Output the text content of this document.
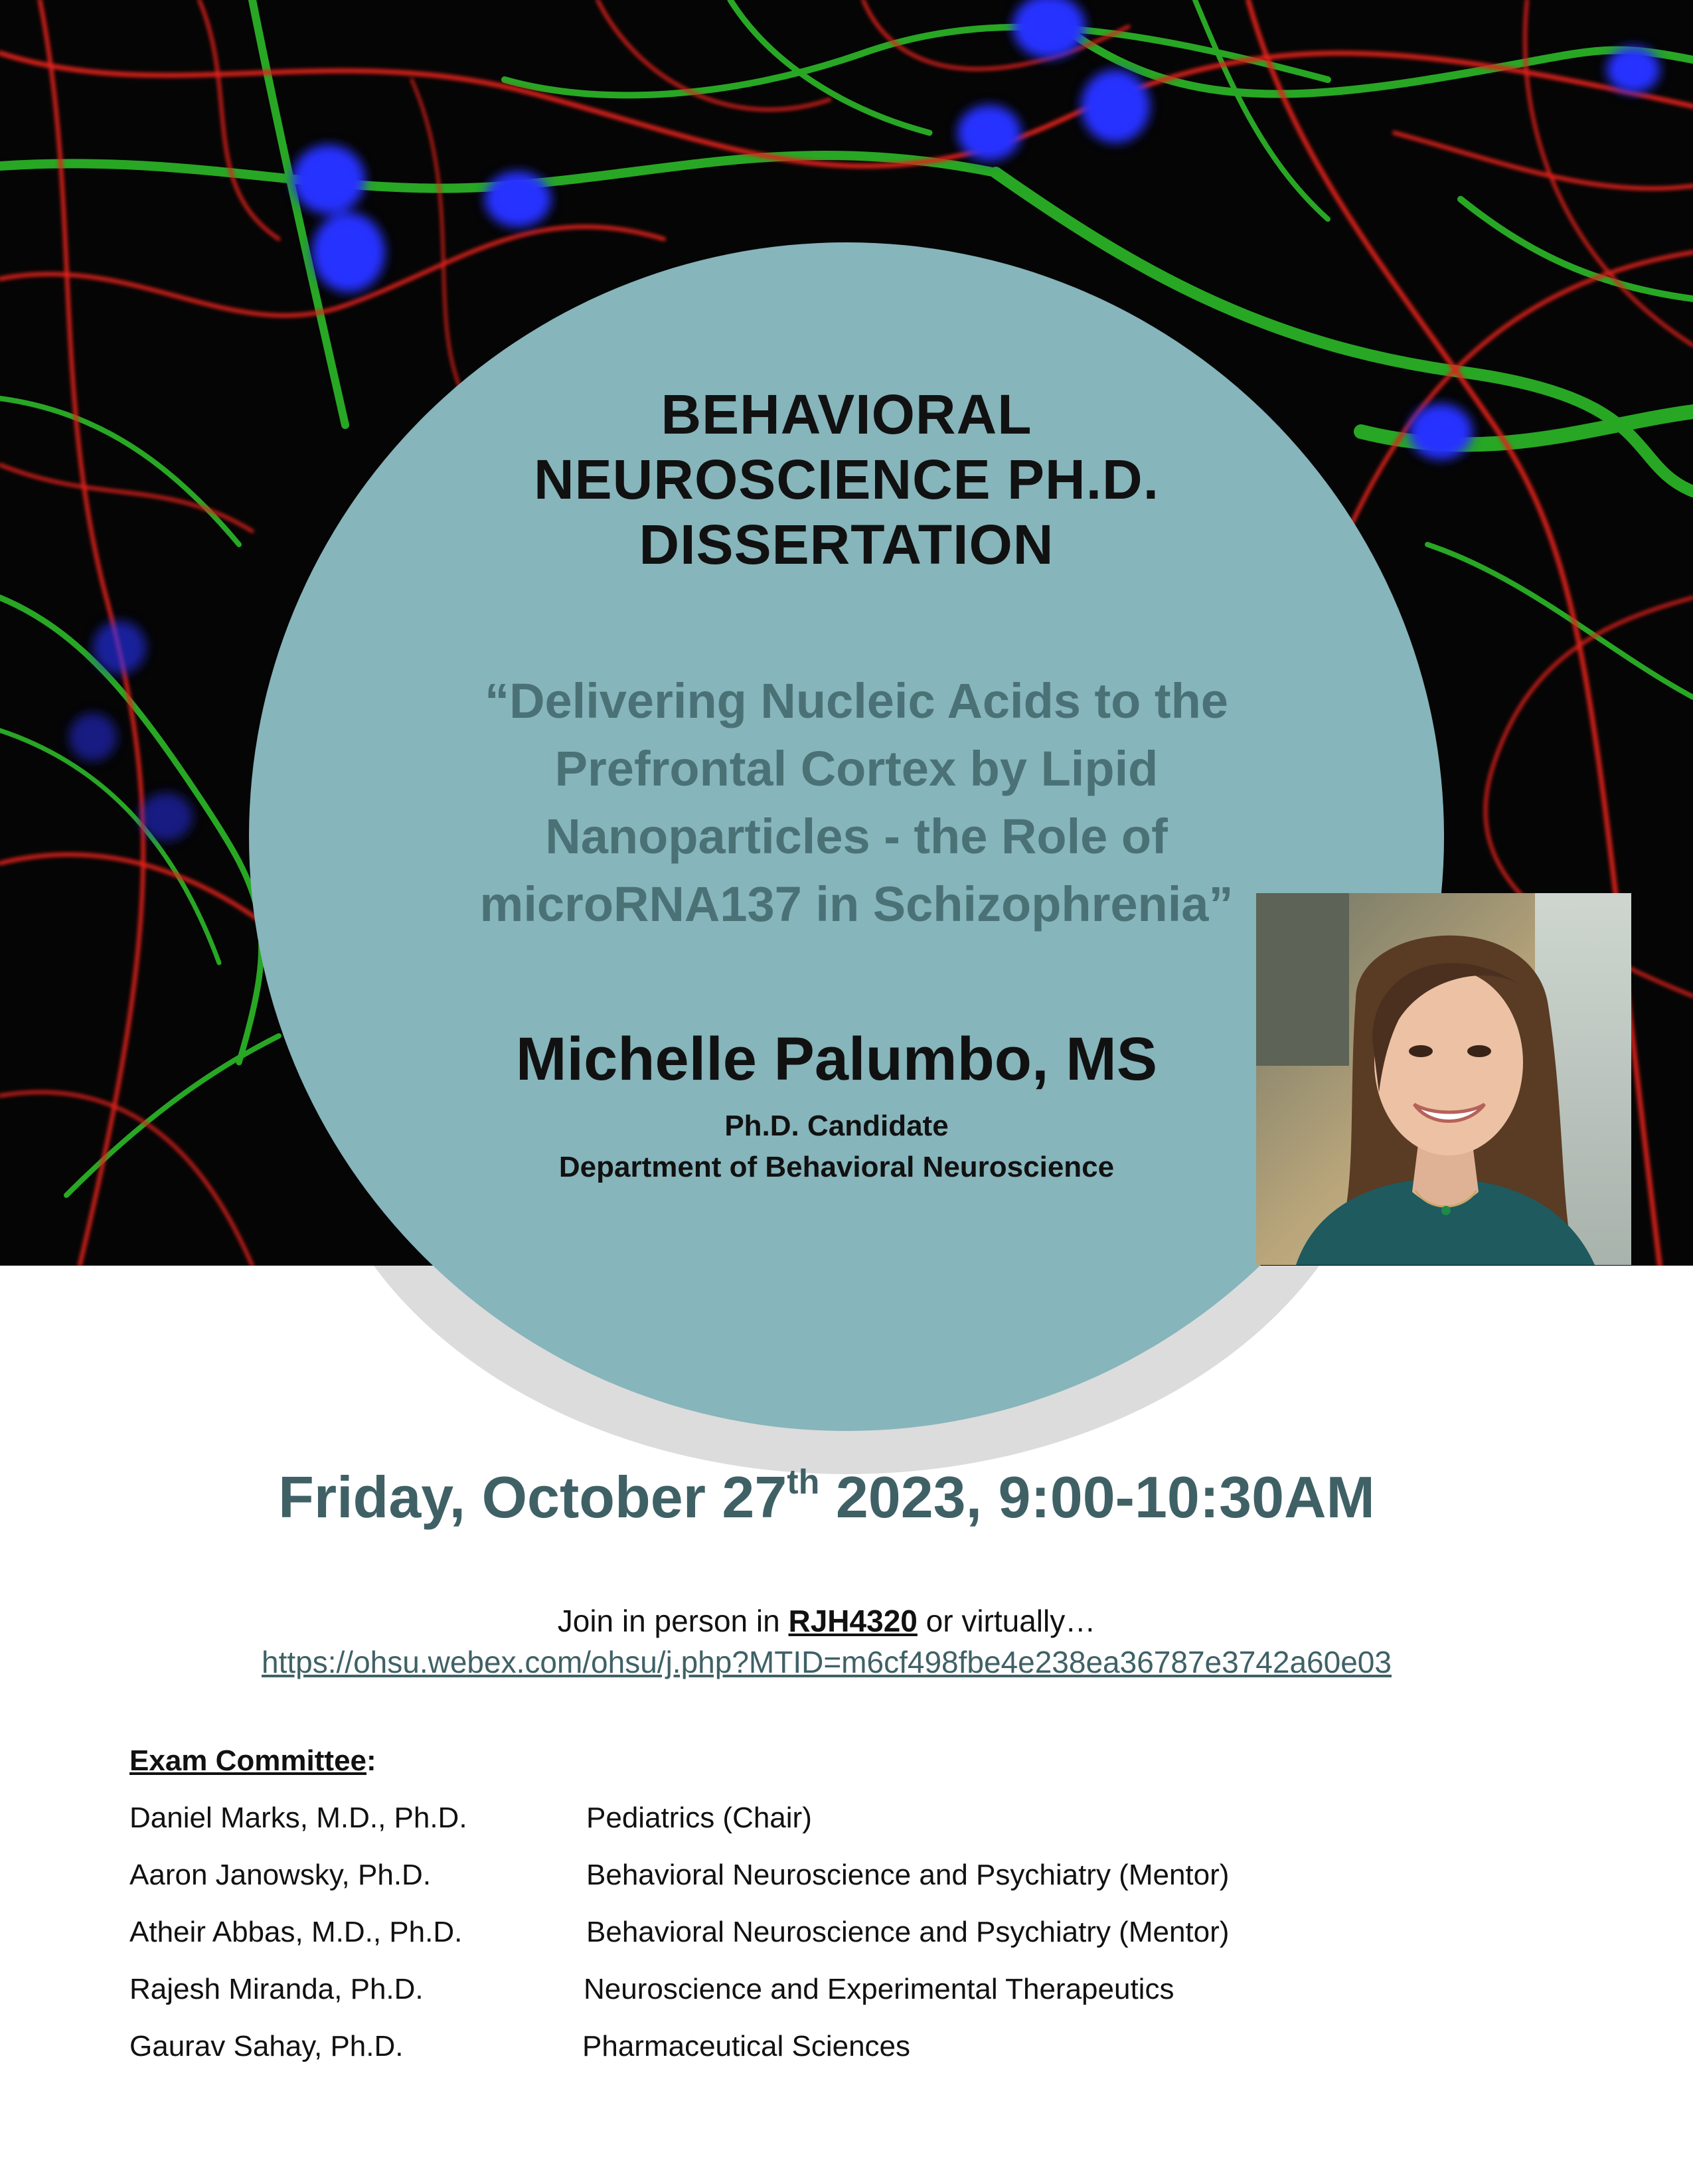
BEHAVIORAL
NEUROSCIENCE PH.D.
DISSERTATION
“Delivering Nucleic Acids to the
Prefrontal Cortex by Lipid
Nanoparticles - the Role of
microRNA137 in Schizophrenia”
Michelle Palumbo, MS
Ph.D. Candidate
Department of Behavioral Neuroscience
Friday, October 27th 2023, 9:00-10:30AM
Join in person in RJH4320 or virtually…
https://ohsu.webex.com/ohsu/j.php?MTID=m6cf498fbe4e238ea36787e3742a60e03
Exam Committee:
Daniel Marks, M.D., Ph.D.	Pediatrics (Chair)
Aaron Janowsky, Ph.D.	Behavioral Neuroscience and Psychiatry (Mentor)
Atheir Abbas, M.D., Ph.D.	Behavioral Neuroscience and Psychiatry (Mentor)
Rajesh Miranda, Ph.D.	Neuroscience and Experimental Therapeutics
Gaurav Sahay, Ph.D.	Pharmaceutical Sciences
